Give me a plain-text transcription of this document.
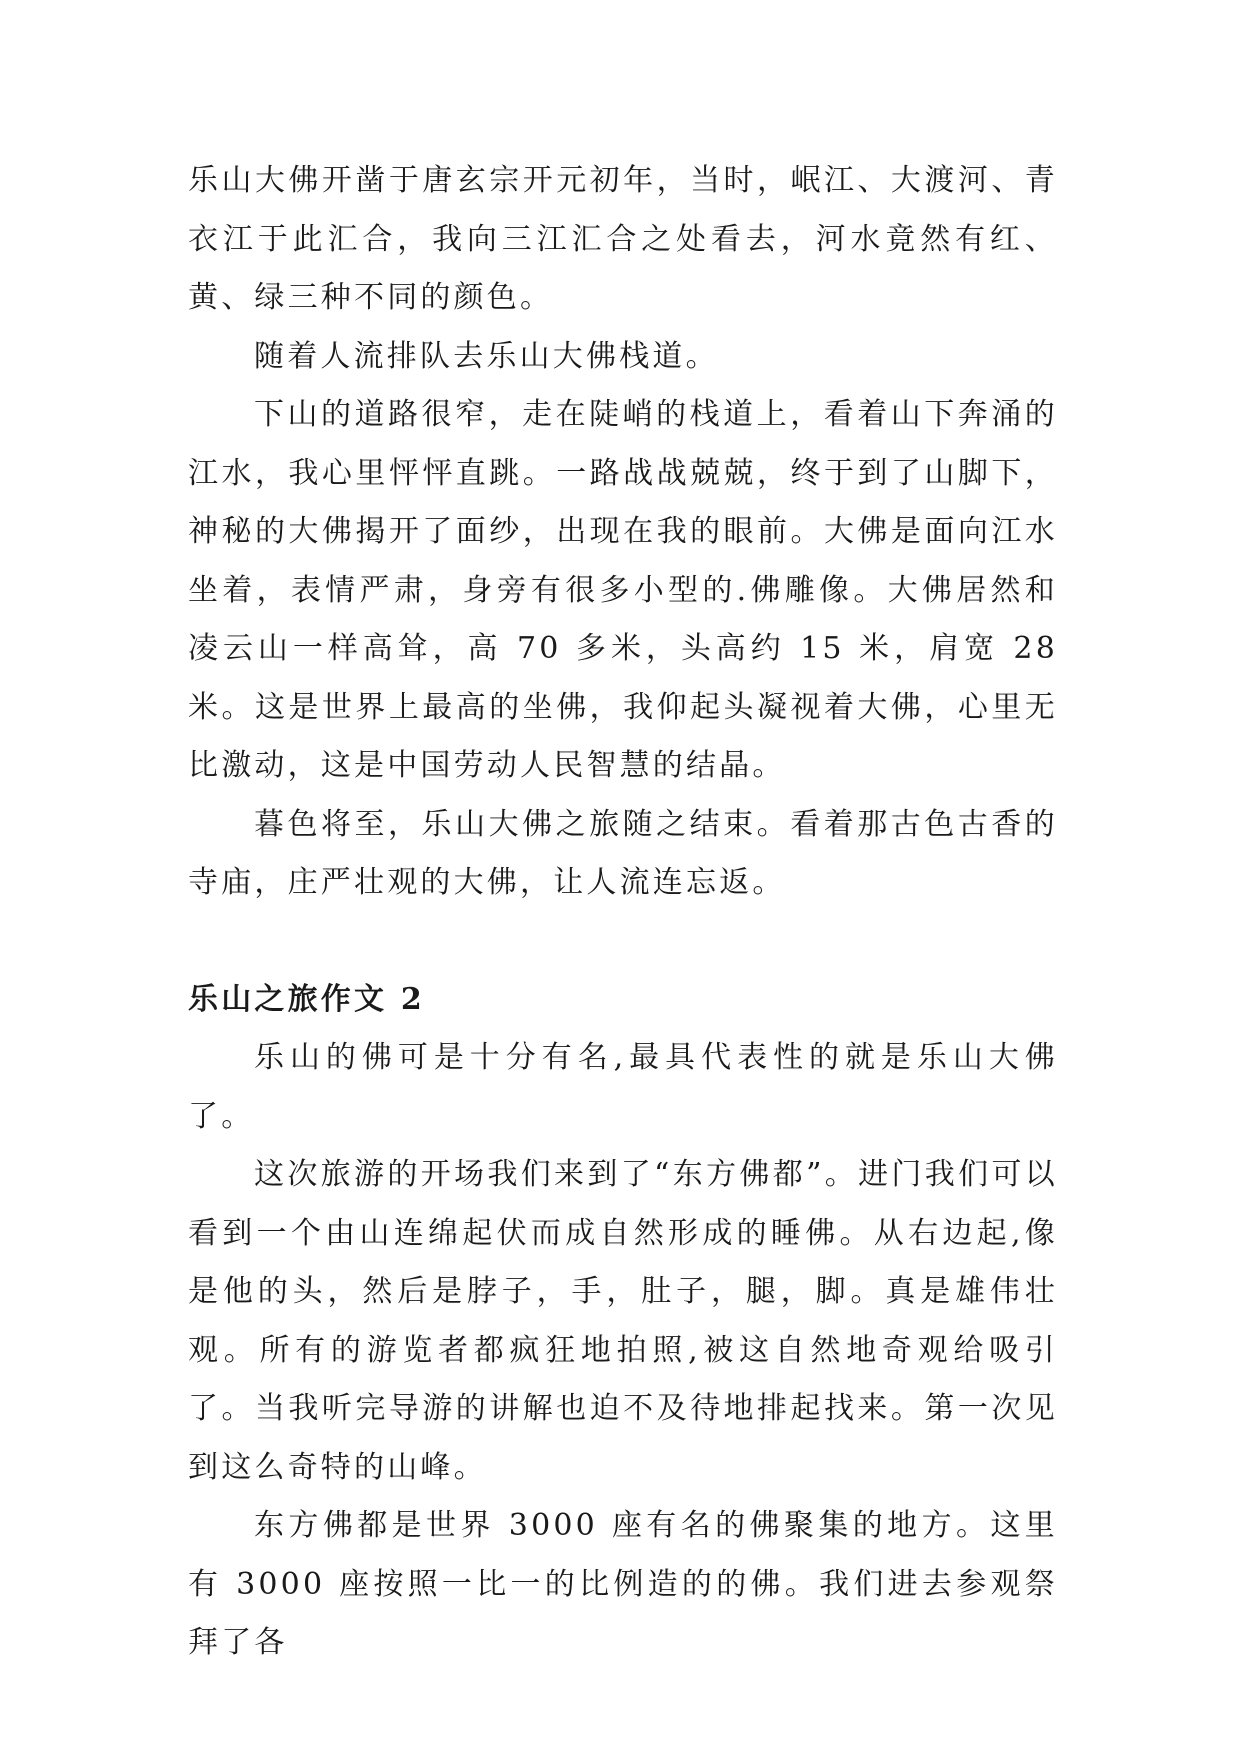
乐山大佛开凿于唐玄宗开元初年，当时，岷江、大渡河、青衣江于此汇合，我向三江汇合之处看去，河水竟然有红、黄、绿三种不同的颜色。

随着人流排队去乐山大佛栈道。

下山的道路很窄，走在陡峭的栈道上，看着山下奔涌的江水，我心里怦怦直跳。一路战战兢兢，终于到了山脚下，神秘的大佛揭开了面纱，出现在我的眼前。大佛是面向江水坐着，表情严肃，身旁有很多小型的.佛雕像。大佛居然和凌云山一样高耸，高 70 多米，头高约 15 米，肩宽 28 米。这是世界上最高的坐佛，我仰起头凝视着大佛，心里无比激动，这是中国劳动人民智慧的结晶。

暮色将至，乐山大佛之旅随之结束。看着那古色古香的寺庙，庄严壮观的大佛，让人流连忘返。

乐山之旅作文 2

乐山的佛可是十分有名,最具代表性的就是乐山大佛了。

这次旅游的开场我们来到了“东方佛都”。进门我们可以看到一个由山连绵起伏而成自然形成的睡佛。从右边起,像是他的头，然后是脖子，手，肚子，腿，脚。真是雄伟壮观。所有的游览者都疯狂地拍照,被这自然地奇观给吸引了。当我听完导游的讲解也迫不及待地排起找来。第一次见到这么奇特的山峰。

东方佛都是世界 3000 座有名的佛聚集的地方。这里有 3000 座按照一比一的比例造的的佛。我们进去参观祭拜了各
